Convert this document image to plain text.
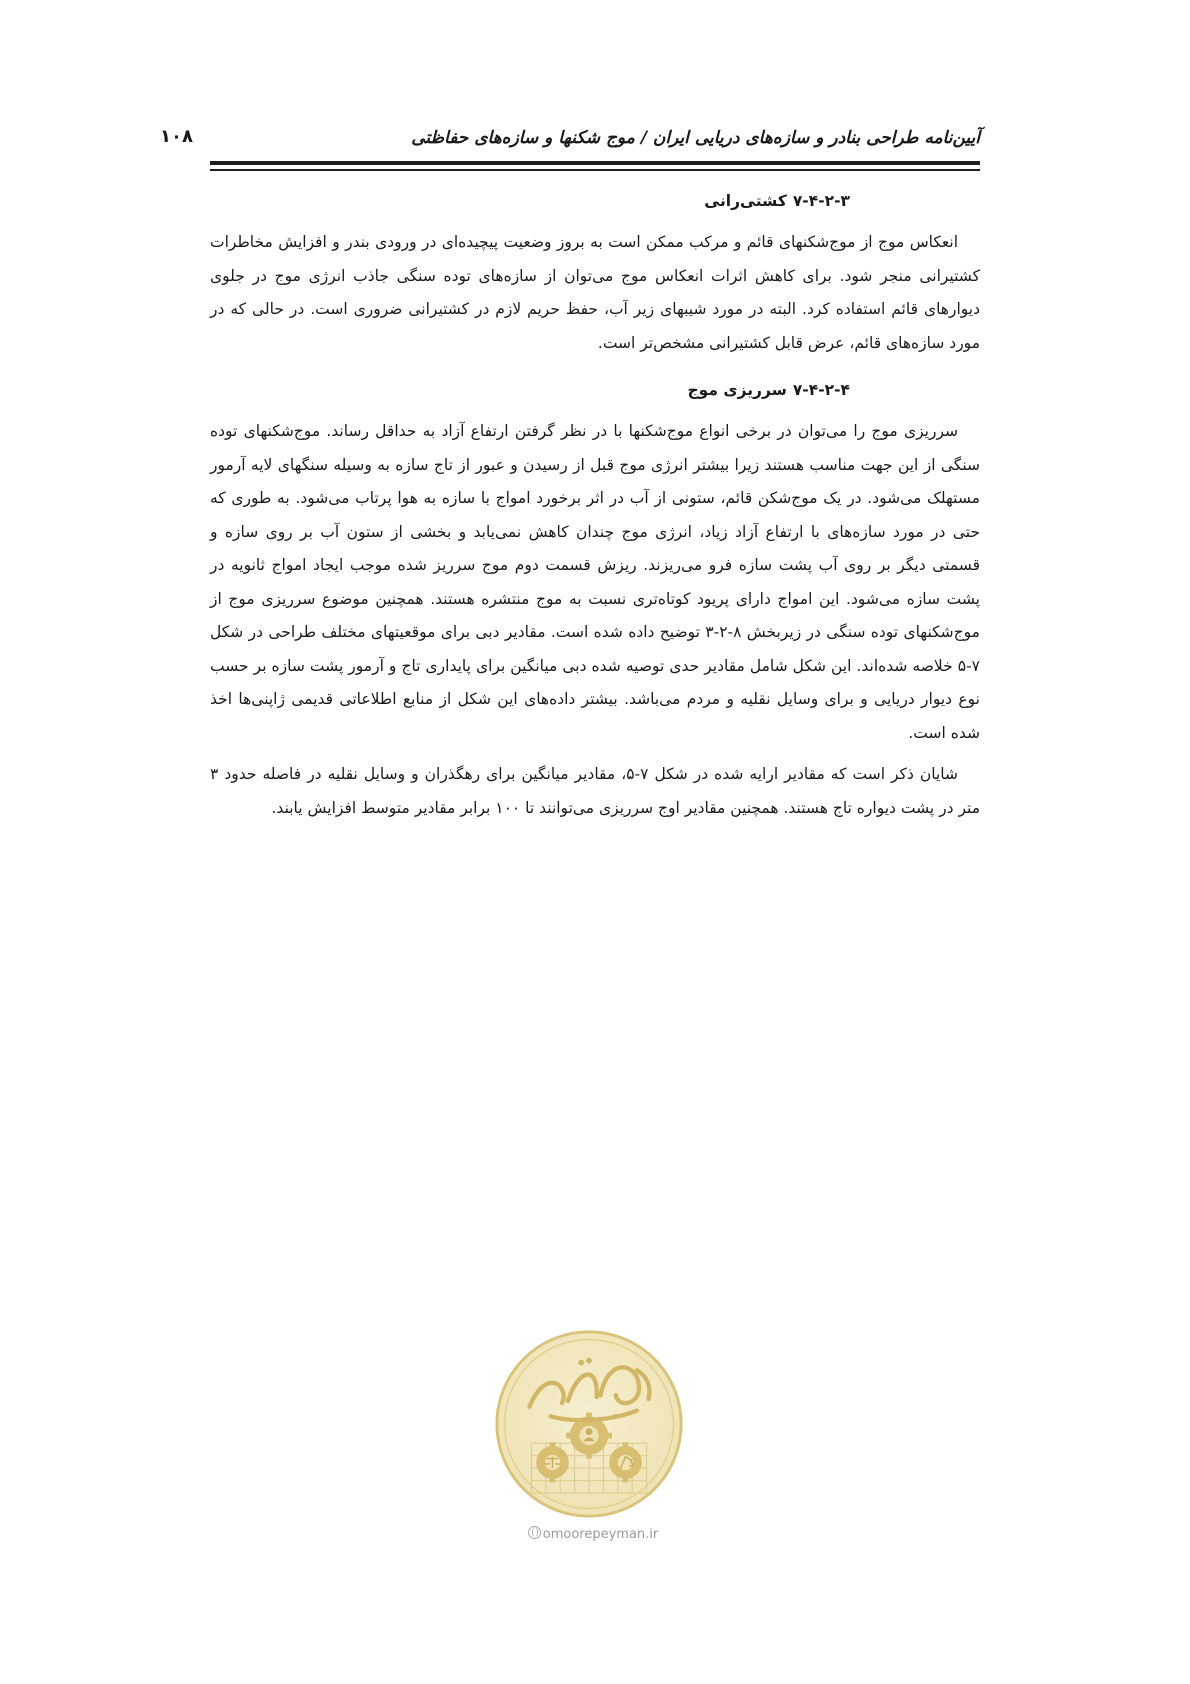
آیین‌نامه طراحی بنادر و سازه‌های دریایی ایران / موج شکنها و سازه‌های حفاظتی
۱۰۸
۷-۴-۲-۳کشتی‌رانی

انعکاس موج از موج‌شکنهای قائم و مرکب ممکن است به بروز وضعیت پیچیده‌ای در ورودی بندر و افزایش مخاطرات کشتیرانی منجر شود. برای کاهش اثرات انعکاس موج می‌توان از سازه‌های توده سنگی جاذب انرژی موج در جلوی دیوارهای قائم استفاده کرد. البته در مورد شیبهای زیر آب، حفظ حریم لازم در کشتیرانی ضروری است. در حالی که در مورد سازه‌های قائم، عرض قابل کشتیرانی مشخص‌تر است.

۷-۴-۲-۴سرریزی موج

سرریزی موج را می‌توان در برخی انواع موج‌شکنها با در نظر گرفتن ارتفاع آزاد به حداقل رساند. موج‌شکنهای توده سنگی از این جهت مناسب هستند زیرا بیشتر انرژی موج قبل از رسیدن و عبور از تاج سازه به وسیله سنگهای لایه آرمور مستهلک می‌شود. در یک موج‌شکن قائم، ستونی از آب در اثر برخورد امواج با سازه به هوا پرتاب می‌شود. به طوری که حتی در مورد سازه‌های با ارتفاع آزاد زیاد، انرژی موج چندان کاهش نمی‌یابد و بخشی از ستون آب بر روی سازه و قسمتی دیگر بر روی آب پشت سازه فرو می‌ریزند. ریزش قسمت دوم موج سرریز شده موجب ایجاد امواج ثانویه در پشت سازه می‌شود. این امواج دارای پریود کوتاه‌تری نسبت به موج منتشره هستند. همچنین موضوع سرریزی موج از موج‌شکنهای توده سنگی در زیربخش ۸-۲-۳ توضیح داده شده است. مقادیر دبی برای موقعیتهای مختلف طراحی در شکل ۷-۵ خلاصه شده‌اند. این شکل شامل مقادیر حدی توصیه شده دبی میانگین برای پایداری تاج و آرمور پشت سازه بر حسب نوع دیوار دریایی و برای وسایل نقلیه و مردم می‌باشد. بیشتر داده‌های این شکل از منابع اطلاعاتی قدیمی ژاپنی‌ها اخذ شده است.

شایان ذکر است که مقادیر ارایه شده در شکل ۷-۵، مقادیر میانگین برای رهگذران و وسایل نقلیه در فاصله حدود ۳ متر در پشت دیواره تاج هستند. همچنین مقادیر اوج سرریزی می‌توانند تا ۱۰۰ برابر مقادیر متوسط افزایش یابند.

omoorepeyman.ir
